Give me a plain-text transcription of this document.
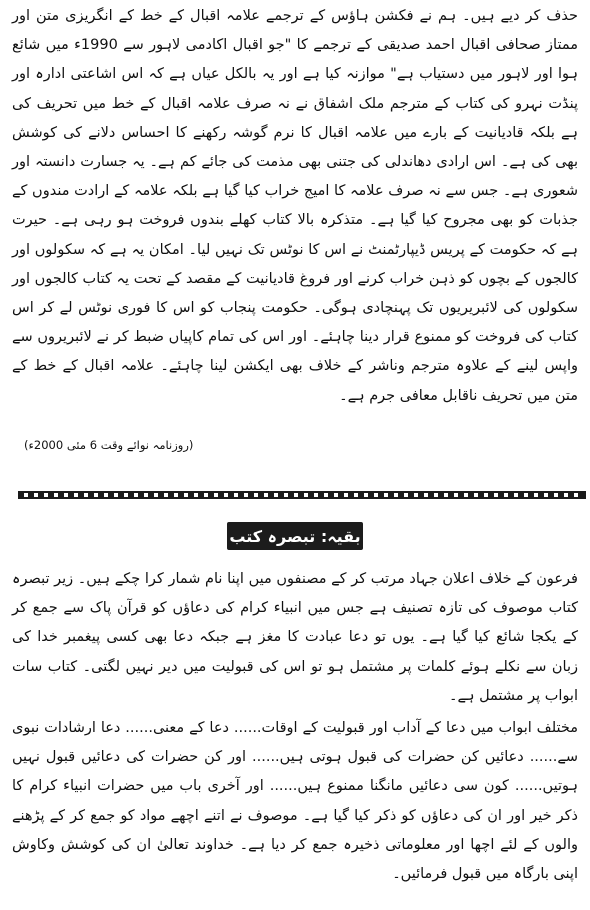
حذف کر دیے ہیں۔ ہم نے فکشن ہاؤس کے ترجمے علامہ اقبال کے خط کے انگریزی متن اور ممتاز صحافی اقبال احمد صدیقی کے ترجمے کا "جو اقبال اکادمی لاہور سے 1990ء میں شائع ہوا اور لاہور میں دستیاب ہے" موازنہ کیا ہے اور یہ بالکل عیاں ہے کہ اس اشاعتی ادارہ اور پنڈت نہرو کی کتاب کے مترجم ملک اشفاق نے نہ صرف علامہ اقبال کے خط میں تحریف کی ہے بلکہ قادیانیت کے بارے میں علامہ اقبال کا نرم گوشہ رکھنے کا احساس دلانے کی کوشش بھی کی ہے۔ اس ارادی دھاندلی کی جتنی بھی مذمت کی جائے کم ہے۔ یہ جسارت دانستہ اور شعوری ہے۔ جس سے نہ صرف علامہ کا امیج خراب کیا گیا ہے بلکہ علامہ کے ارادت مندوں کے جذبات کو بھی مجروح کیا گیا ہے۔ متذکرہ بالا کتاب کھلے بندوں فروخت ہو رہی ہے۔ حیرت ہے کہ حکومت کے پریس ڈیپارٹمنٹ نے اس کا نوٹس تک نہیں لیا۔ امکان یہ ہے کہ سکولوں اور کالجوں کے بچوں کو ذہن خراب کرنے اور فروغ قادیانیت کے مقصد کے تحت یہ کتاب کالجوں اور سکولوں کی لائبریریوں تک پہنچادی ہوگی۔ حکومت پنجاب کو اس کا فوری نوٹس لے کر اس کتاب کی فروخت کو ممنوع قرار دینا چاہئے۔ اور اس کی تمام کاپیاں ضبط کر نے لائبریروں سے واپس لینے کے علاوہ مترجم وناشر کے خلاف بھی ایکشن لینا چاہئے۔ علامہ اقبال کے خط کے متن میں تحریف ناقابل معافی جرم ہے۔

(روزنامہ نوائے وقت 6 مئی 2000ء)
بقیہ: تبصرہ کتب

فرعون کے خلاف اعلان جہاد مرتب کر کے مصنفوں میں اپنا نام شمار کرا چکے ہیں۔ زیر تبصرہ کتاب موصوف کی تازہ تصنیف ہے جس میں انبیاء کرام کی دعاؤں کو قرآن پاک سے جمع کر کے یکجا شائع کیا گیا ہے۔ یوں تو دعا عبادت کا مغز ہے جبکہ دعا بھی کسی پیغمبر خدا کی زبان سے نکلے ہوئے کلمات پر مشتمل ہو تو اس کی قبولیت میں دیر نہیں لگتی۔ کتاب سات ابواب پر مشتمل ہے۔

مختلف ابواب میں دعا کے آداب اور قبولیت کے اوقات...... دعا کے معنی...... دعا ارشادات نبوی سے...... دعائیں کن حضرات کی قبول ہوتی ہیں...... اور کن حضرات کی دعائیں قبول نہیں ہوتیں...... کون سی دعائیں مانگنا ممنوع ہیں...... اور آخری باب میں حضرات انبیاء کرام کا ذکر خیر اور ان کی دعاؤں کو ذکر کیا گیا ہے۔ موصوف نے اتنے اچھے مواد کو جمع کر کے پڑھنے والوں کے لئے اچھا اور معلوماتی ذخیرہ جمع کر دیا ہے۔ خداوند تعالیٰ ان کی کوشش وکاوش اپنی بارگاہ میں قبول فرمائیں۔
